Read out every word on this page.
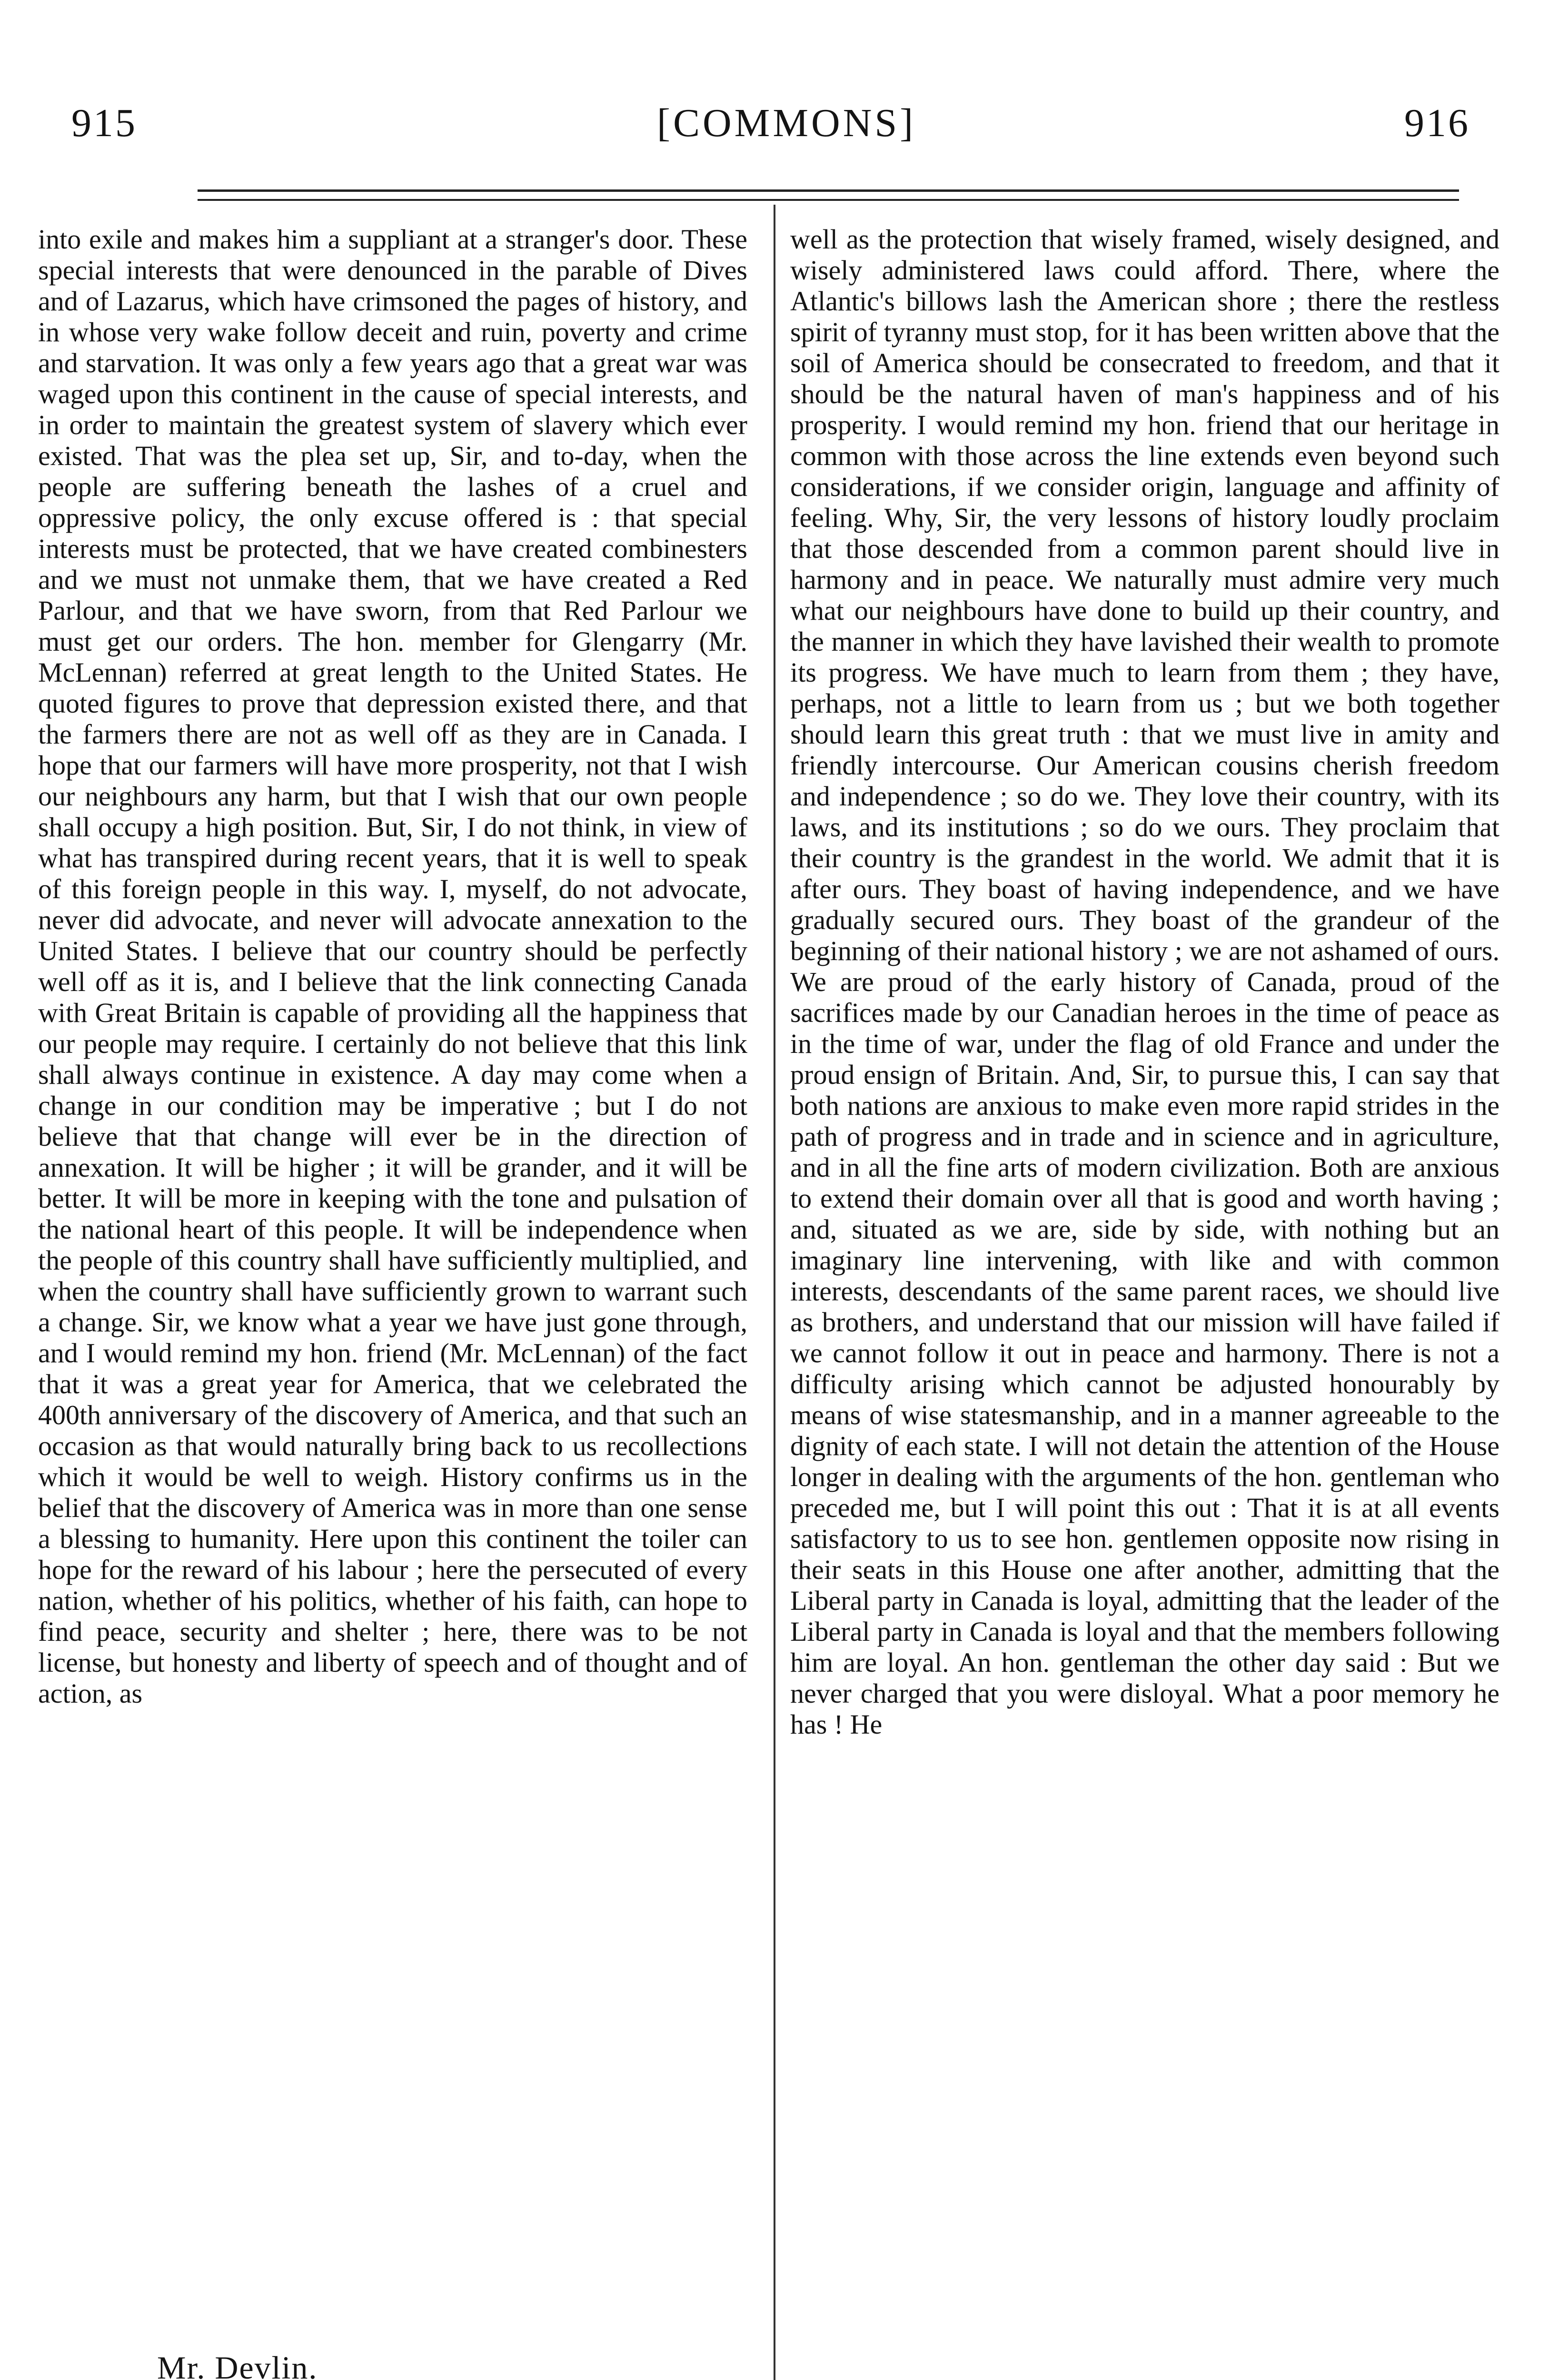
915	[COMMONS]	916
into exile and makes him a suppliant at a stranger's door. These special interests that were denounced in the parable of Dives and of Lazarus, which have crimsoned the pages of history, and in whose very wake follow deceit and ruin, poverty and crime and starvation. It was only a few years ago that a great war was waged upon this continent in the cause of special interests, and in order to maintain the greatest system of slavery which ever existed. That was the plea set up, Sir, and to-day, when the people are suffering beneath the lashes of a cruel and oppressive policy, the only excuse offered is : that special interests must be protected, that we have created combinesters and we must not unmake them, that we have created a Red Parlour, and that we have sworn, from that Red Parlour we must get our orders. The hon. member for Glengarry (Mr. McLennan) referred at great length to the United States. He quoted figures to prove that depression existed there, and that the farmers there are not as well off as they are in Canada. I hope that our farmers will have more prosperity, not that I wish our neighbours any harm, but that I wish that our own people shall occupy a high position. But, Sir, I do not think, in view of what has transpired during recent years, that it is well to speak of this foreign people in this way. I, myself, do not advocate, never did advocate, and never will advocate annexation to the United States. I believe that our country should be perfectly well off as it is, and I believe that the link connecting Canada with Great Britain is capable of providing all the happiness that our people may require. I certainly do not believe that this link shall always continue in existence. A day may come when a change in our condition may be imperative ; but I do not believe that that change will ever be in the direction of annexation. It will be higher ; it will be grander, and it will be better. It will be more in keeping with the tone and pulsation of the national heart of this people. It will be independence when the people of this country shall have sufficiently multiplied, and when the country shall have sufficiently grown to warrant such a change. Sir, we know what a year we have just gone through, and I would remind my hon. friend (Mr. McLennan) of the fact that it was a great year for America, that we celebrated the 400th anniversary of the discovery of America, and that such an occasion as that would naturally bring back to us recollections which it would be well to weigh. History confirms us in the belief that the discovery of America was in more than one sense a blessing to humanity. Here upon this continent the toiler can hope for the reward of his labour ; here the persecuted of every nation, whether of his politics, whether of his faith, can hope to find peace, security and shelter ; here, there was to be not license, but honesty and liberty of speech and of thought and of action, as
well as the protection that wisely framed, wisely designed, and wisely administered laws could afford. There, where the Atlantic's billows lash the American shore ; there the restless spirit of tyranny must stop, for it has been written above that the soil of America should be consecrated to freedom, and that it should be the natural haven of man's happiness and of his prosperity. I would remind my hon. friend that our heritage in common with those across the line extends even beyond such considerations, if we consider origin, language and affinity of feeling. Why, Sir, the very lessons of history loudly proclaim that those descended from a common parent should live in harmony and in peace. We naturally must admire very much what our neighbours have done to build up their country, and the manner in which they have lavished their wealth to promote its progress. We have much to learn from them ; they have, perhaps, not a little to learn from us ; but we both together should learn this great truth : that we must live in amity and friendly intercourse. Our American cousins cherish freedom and independence ; so do we. They love their country, with its laws, and its institutions ; so do we ours. They proclaim that their country is the grandest in the world. We admit that it is after ours. They boast of having independence, and we have gradually secured ours. They boast of the grandeur of the beginning of their national history ; we are not ashamed of ours. We are proud of the early history of Canada, proud of the sacrifices made by our Canadian heroes in the time of peace as in the time of war, under the flag of old France and under the proud ensign of Britain. And, Sir, to pursue this, I can say that both nations are anxious to make even more rapid strides in the path of progress and in trade and in science and in agriculture, and in all the fine arts of modern civilization. Both are anxious to extend their domain over all that is good and worth having ; and, situated as we are, side by side, with nothing but an imaginary line intervening, with like and with common interests, descendants of the same parent races, we should live as brothers, and understand that our mission will have failed if we cannot follow it out in peace and harmony. There is not a difficulty arising which cannot be adjusted honourably by means of wise statesmanship, and in a manner agreeable to the dignity of each state. I will not detain the attention of the House longer in dealing with the arguments of the hon. gentleman who preceded me, but I will point this out : That it is at all events satisfactory to us to see hon. gentlemen opposite now rising in their seats in this House one after another, admitting that the Liberal party in Canada is loyal, admitting that the leader of the Liberal party in Canada is loyal and that the members following him are loyal. An hon. gentleman the other day said : But we never charged that you were disloyal. What a poor memory he has ! He
Mr. Devlin.
